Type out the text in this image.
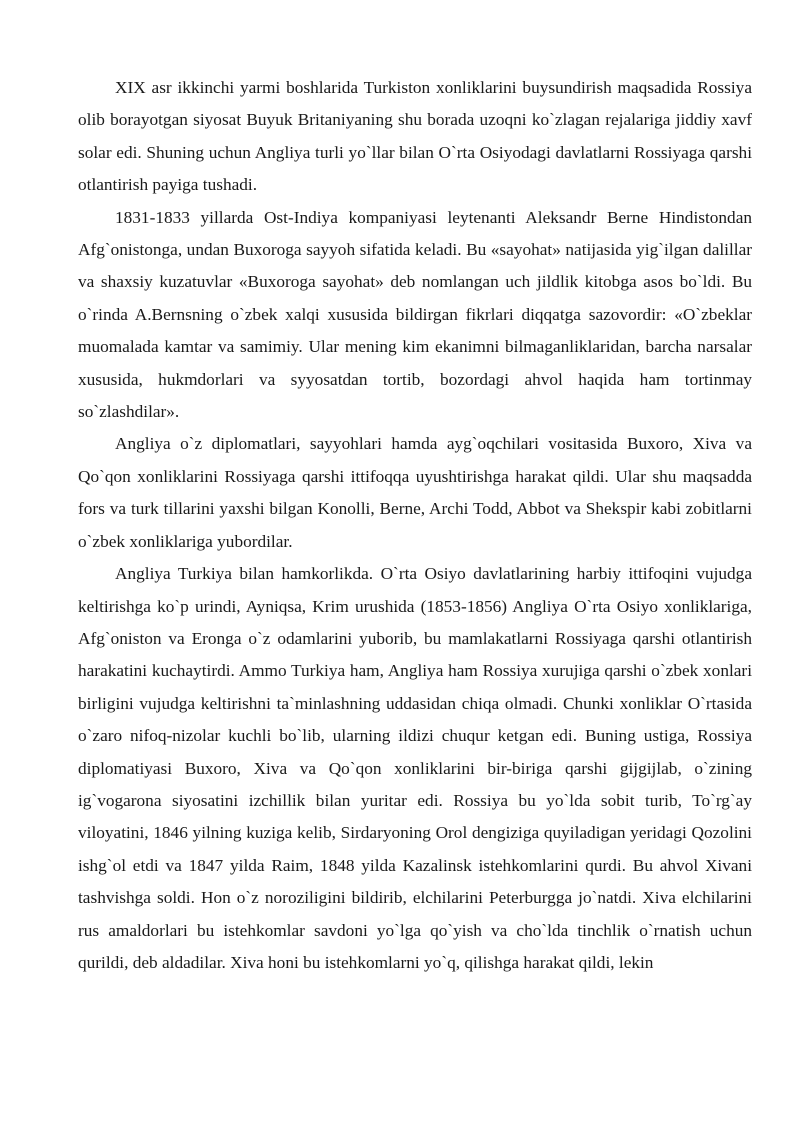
XIX asr ikkinchi yarmi boshlarida Turkiston xonliklarini buysundirish maqsadida Rossiya olib borayotgan siyosat Buyuk Britaniyaning shu borada uzoqni ko`zlagan rejalariga jiddiy xavf solar edi. Shuning uchun Angliya turli yo`llar bilan O`rta Osiyodagi davlatlarni Rossiyaga qarshi otlantirish payiga tushadi.

1831-1833 yillarda Ost-Indiya kompaniyasi leytenanti Aleksandr Berne Hindistondan Afg`onistonga, undan Buxoroga sayyoh sifatida keladi. Bu «sayohat» natijasida yig`ilgan dalillar va shaxsiy kuzatuvlar «Buxoroga sayohat» deb nomlangan uch jildlik kitobga asos bo`ldi. Bu o`rinda A.Bernsning o`zbek xalqi xususida bildirgan fikrlari diqqatga sazovordir: «O`zbeklar muomalada kamtar va samimiy. Ular mening kim ekanimni bilmaganliklaridan, barcha narsalar xususida, hukmdorlari va syyosatdan tortib, bozordagi ahvol haqida ham tortinmay so`zlashdilar».

Angliya o`z diplomatlari, sayyohlari hamda ayg`oqchilari vositasida Buxoro, Xiva va Qo`qon xonliklarini Rossiyaga qarshi ittifoqqa uyushtirishga harakat qildi. Ular shu maqsadda fors va turk tillarini yaxshi bilgan Konolli, Berne, Archi Todd, Abbot va Shekspir kabi zobitlarni o`zbek xonliklariga yubordilar.

Angliya Turkiya bilan hamkorlikda. O`rta Osiyo davlatlarining harbiy ittifoqini vujudga keltirishga ko`p urindi, Ayniqsa, Krim urushida (1853-1856) Angliya O`rta Osiyo xonliklariga, Afg`oniston va Eronga o`z odamlarini yuborib, bu mamlakatlarni Rossiyaga qarshi otlantirish harakatini kuchaytirdi. Ammo Turkiya ham, Angliya ham Rossiya xurujiga qarshi o`zbek xonlari birligini vujudga keltirishni ta`minlashning uddasidan chiqa olmadi. Chunki xonliklar O`rtasida o`zaro nifoq-nizolar kuchli bo`lib, ularning ildizi chuqur ketgan edi. Buning ustiga, Rossiya diplomatiyasi Buxoro, Xiva va Qo`qon xonliklarini bir-biriga qarshi gijgijlab, o`zining ig`vogarona siyosatini izchillik bilan yuritar edi. Rossiya bu yo`lda sobit turib, To`rg`ay viloyatini, 1846 yilning kuziga kelib, Sirdaryoning Orol dengiziga quyiladigan yeridagi Qozolini ishg`ol etdi va 1847 yilda Raim, 1848 yilda Kazalinsk istehkomlarini qurdi. Bu ahvol Xivani tashvishga soldi. Hon o`z noroziligini bildirib, elchilarini Peterburgga jo`natdi. Xiva elchilarini rus amaldorlari bu istehkomlar savdoni yo`lga qo`yish va cho`lda tinchlik o`rnatish uchun qurildi, deb aldadilar. Xiva honi bu istehkomlarni yo`q, qilishga harakat qildi, lekin
